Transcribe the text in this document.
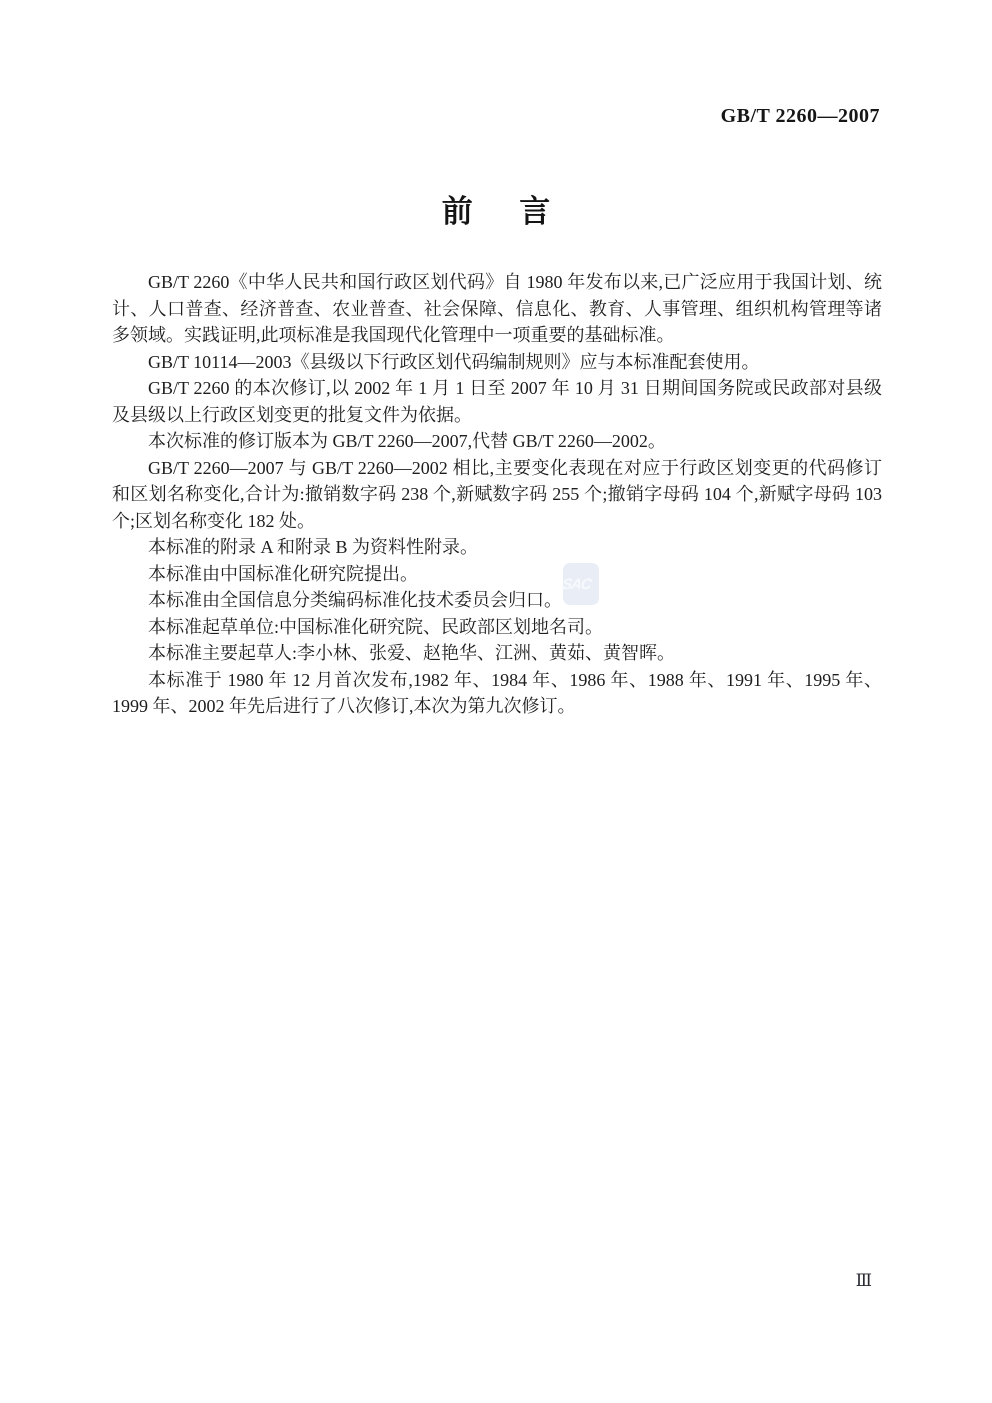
GB/T 2260—2007
前言

GB/T 2260《中华人民共和国行政区划代码》自 1980 年发布以来,已广泛应用于我国计划、统计、人口普查、经济普查、农业普查、社会保障、信息化、教育、人事管理、组织机构管理等诸多领域。实践证明,此项标准是我国现代化管理中一项重要的基础标准。

GB/T 10114—2003《县级以下行政区划代码编制规则》应与本标准配套使用。

GB/T 2260 的本次修订,以 2002 年 1 月 1 日至 2007 年 10 月 31 日期间国务院或民政部对县级及县级以上行政区划变更的批复文件为依据。

本次标准的修订版本为 GB/T 2260—2007,代替 GB/T 2260—2002。

GB/T 2260—2007 与 GB/T 2260—2002 相比,主要变化表现在对应于行政区划变更的代码修订和区划名称变化,合计为:撤销数字码 238 个,新赋数字码 255 个;撤销字母码 104 个,新赋字母码 103 个;区划名称变化 182 处。

本标准的附录 A 和附录 B 为资料性附录。

本标准由中国标准化研究院提出。

本标准由全国信息分类编码标准化技术委员会归口。

本标准起草单位:中国标准化研究院、民政部区划地名司。

本标准主要起草人:李小林、张爱、赵艳华、江洲、黄茹、黄智晖。

本标准于 1980 年 12 月首次发布,1982 年、1984 年、1986 年、1988 年、1991 年、1995 年、1999 年、2002 年先后进行了八次修订,本次为第九次修订。

SAC
Ⅲ
